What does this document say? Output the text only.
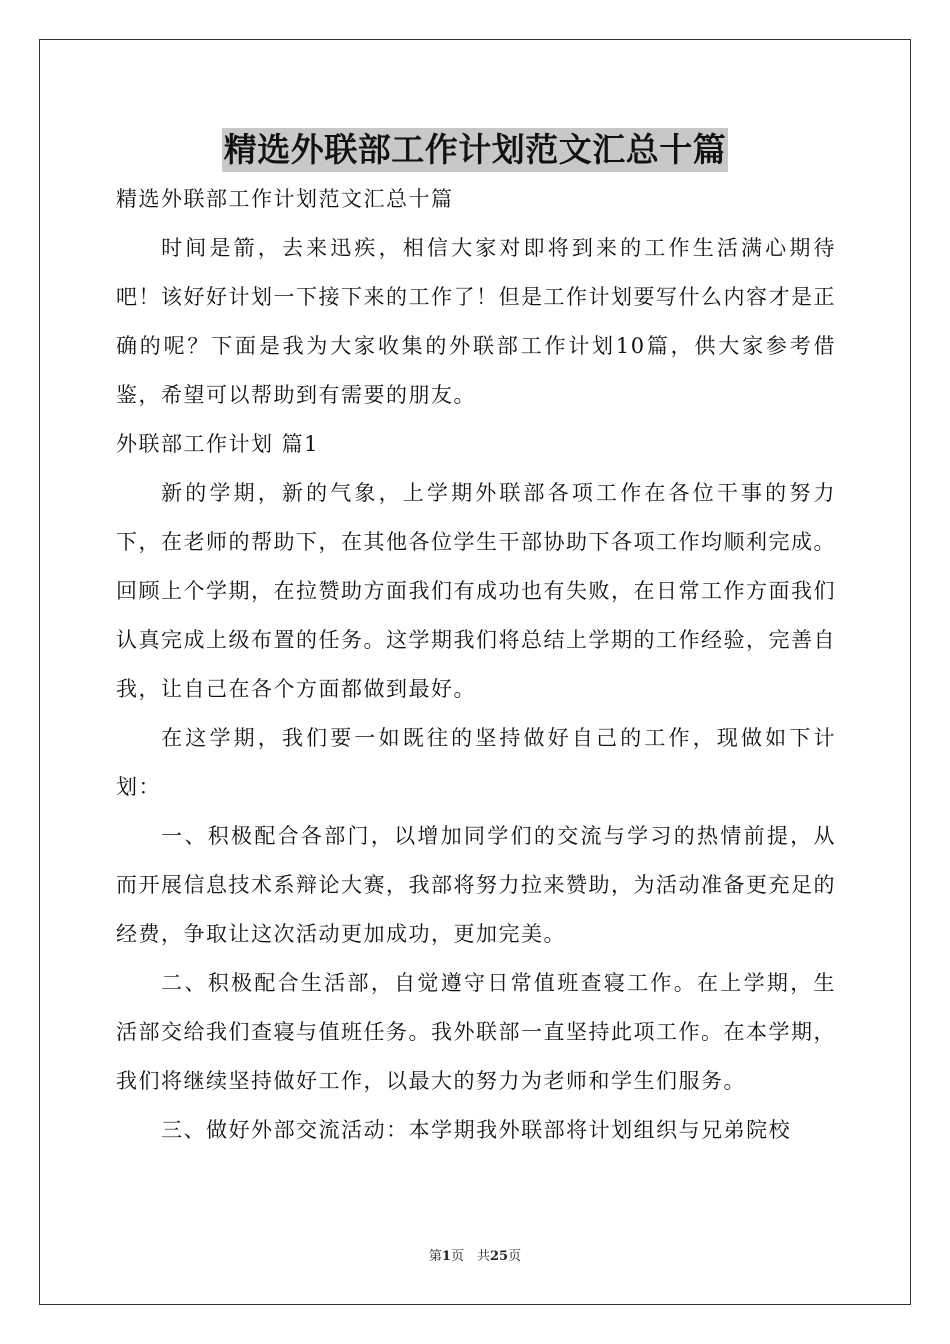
精选外联部工作计划范文汇总十篇

精选外联部工作计划范文汇总十篇

时间是箭，去来迅疾，相信大家对即将到来的工作生活满心期待吧！该好好计划一下接下来的工作了！但是工作计划要写什么内容才是正确的呢？下面是我为大家收集的外联部工作计划10篇，供大家参考借鉴，希望可以帮助到有需要的朋友。

外联部工作计划 篇1

新的学期，新的气象，上学期外联部各项工作在各位干事的努力下，在老师的帮助下，在其他各位学生干部协助下各项工作均顺利完成。回顾上个学期，在拉赞助方面我们有成功也有失败，在日常工作方面我们认真完成上级布置的任务。这学期我们将总结上学期的工作经验，完善自我，让自己在各个方面都做到最好。

在这学期，我们要一如既往的坚持做好自己的工作，现做如下计划：

一、积极配合各部门，以增加同学们的交流与学习的热情前提，从而开展信息技术系辩论大赛，我部将努力拉来赞助，为活动准备更充足的经费，争取让这次活动更加成功，更加完美。

二、积极配合生活部，自觉遵守日常值班查寝工作。在上学期，生活部交给我们查寝与值班任务。我外联部一直坚持此项工作。在本学期，我们将继续坚持做好工作，以最大的努力为老师和学生们服务。

三、做好外部交流活动：本学期我外联部将计划组织与兄弟院校

第1页　共25页
